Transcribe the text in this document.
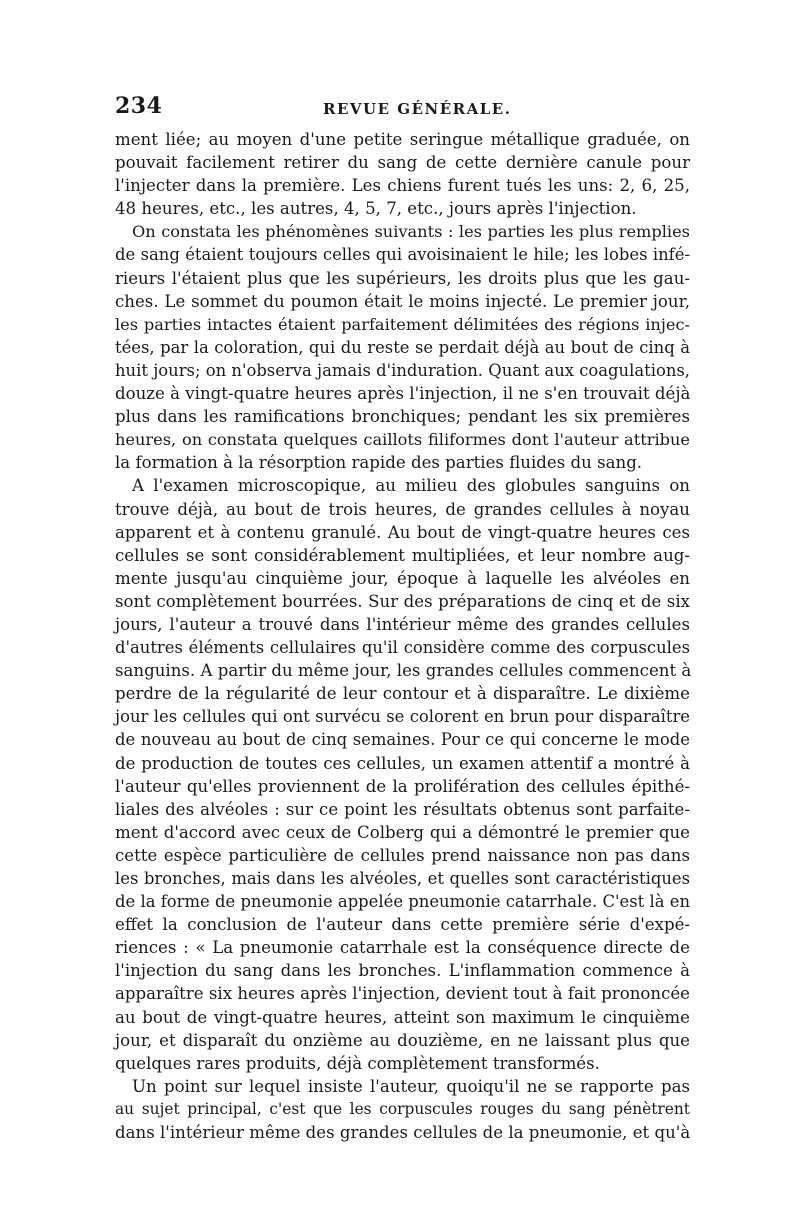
234	REVUE GÉNÉRALE.
ment liée; au moyen d'une petite seringue métallique graduée, on
pouvait facilement retirer du sang de cette dernière canule pour
l'injecter dans la première. Les chiens furent tués les uns: 2, 6, 25,
48 heures, etc., les autres, 4, 5, 7, etc., jours après l'injection.
On constata les phénomènes suivants : les parties les plus remplies
de sang étaient toujours celles qui avoisinaient le hile; les lobes infé-
rieurs l'étaient plus que les supérieurs, les droits plus que les gau-
ches. Le sommet du poumon était le moins injecté. Le premier jour,
les parties intactes étaient parfaitement délimitées des régions injec-
tées, par la coloration, qui du reste se perdait déjà au bout de cinq à
huit jours; on n'observa jamais d'induration. Quant aux coagulations,
douze à vingt-quatre heures après l'injection, il ne s'en trouvait déjà
plus dans les ramifications bronchiques; pendant les six premières
heures, on constata quelques caillots filiformes dont l'auteur attribue
la formation à la résorption rapide des parties fluides du sang.
A l'examen microscopique, au milieu des globules sanguins on
trouve déjà, au bout de trois heures, de grandes cellules à noyau
apparent et à contenu granulé. Au bout de vingt-quatre heures ces
cellules se sont considérablement multipliées, et leur nombre aug-
mente jusqu'au cinquième jour, époque à laquelle les alvéoles en
sont complètement bourrées. Sur des préparations de cinq et de six
jours, l'auteur a trouvé dans l'intérieur même des grandes cellules
d'autres éléments cellulaires qu'il considère comme des corpuscules
sanguins. A partir du même jour, les grandes cellules commencent à
perdre de la régularité de leur contour et à disparaître. Le dixième
jour les cellules qui ont survécu se colorent en brun pour disparaître
de nouveau au bout de cinq semaines. Pour ce qui concerne le mode
de production de toutes ces cellules, un examen attentif a montré à
l'auteur qu'elles proviennent de la prolifération des cellules épithé-
liales des alvéoles : sur ce point les résultats obtenus sont parfaite-
ment d'accord avec ceux de Colberg qui a démontré le premier que
cette espèce particulière de cellules prend naissance non pas dans
les bronches, mais dans les alvéoles, et quelles sont caractéristiques
de la forme de pneumonie appelée pneumonie catarrhale. C'est là en
effet la conclusion de l'auteur dans cette première série d'expé-
riences : « La pneumonie catarrhale est la conséquence directe de
l'injection du sang dans les bronches. L'inflammation commence à
apparaître six heures après l'injection, devient tout à fait prononcée
au bout de vingt-quatre heures, atteint son maximum le cinquième
jour, et disparaît du onzième au douzième, en ne laissant plus que
quelques rares produits, déjà complètement transformés.
Un point sur lequel insiste l'auteur, quoiqu'il ne se rapporte pas
au sujet principal, c'est que les corpuscules rouges du sang pénètrent
dans l'intérieur même des grandes cellules de la pneumonie, et qu'à
